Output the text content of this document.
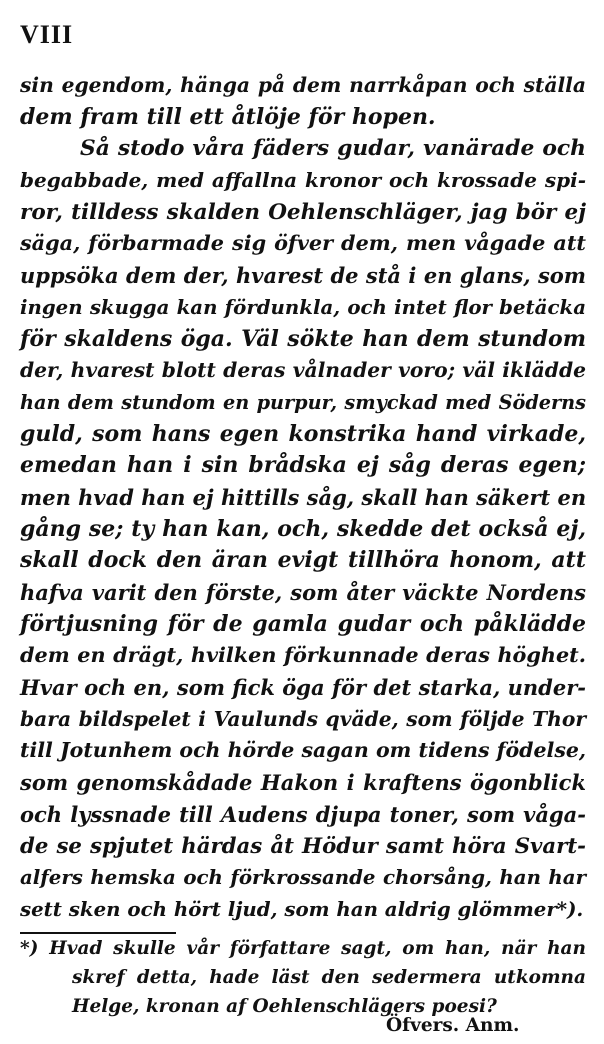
VIII
sin egendom, hänga på dem narrkåpan och ställa
dem fram till ett åtlöje för hopen.
Så stodo våra fäders gudar, vanärade och
begabbade, med affallna kronor och krossade spi-
ror, tilldess skalden Oehlenschläger, jag bör ej
säga, förbarmade sig öfver dem, men vågade att
uppsöka dem der, hvarest de stå i en glans, som
ingen skugga kan fördunkla, och intet flor betäcka
för skaldens öga. Väl sökte han dem stundom
der, hvarest blott deras vålnader voro; väl iklädde
han dem stundom en purpur, smyckad med Söderns
guld, som hans egen konstrika hand virkade,
emedan han i sin brådska ej såg deras egen;
men hvad han ej hittills såg, skall han säkert en
gång se; ty han kan, och, skedde det också ej,
skall dock den äran evigt tillhöra honom, att
hafva varit den förste, som åter väckte Nordens
förtjusning för de gamla gudar och påklädde
dem en drägt, hvilken förkunnade deras höghet.
Hvar och en, som fick öga för det starka, under-
bara bildspelet i Vaulunds qväde, som följde Thor
till Jotunhem och hörde sagan om tidens födelse,
som genomskådade Hakon i kraftens ögonblick
och lyssnade till Audens djupa toner, som våga-
de se spjutet härdas åt Hödur samt höra Svart-
alfers hemska och förkrossande chorsång, han har
sett sken och hört ljud, som han aldrig glömmer*).
*) Hvad skulle vår författare sagt, om han, när han
skref detta, hade läst den sedermera utkomna
Helge, kronan af Oehlenschlägers poesi?
Öfvers. Anm.
